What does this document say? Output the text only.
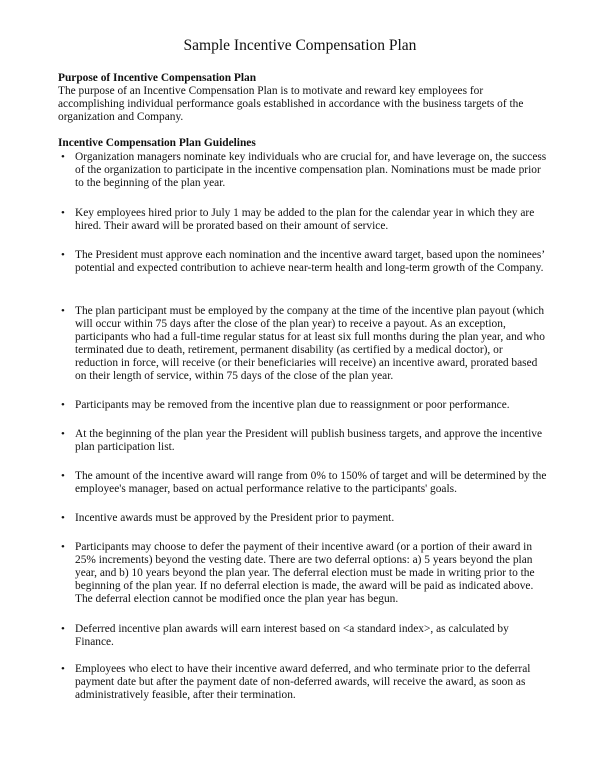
Sample Incentive Compensation Plan
Purpose of Incentive Compensation Plan
The purpose of an Incentive Compensation Plan is to motivate and reward key employees for accomplishing individual performance goals established in accordance with the business targets of the organization and Company.
Incentive Compensation Plan Guidelines
• Organization managers nominate key individuals who are crucial for, and have leverage on, the success of the organization to participate in the incentive compensation plan. Nominations must be made prior to the beginning of the plan year.
• Key employees hired prior to July 1 may be added to the plan for the calendar year in which they are hired. Their award will be prorated based on their amount of service.
• The President must approve each nomination and the incentive award target, based upon the nominees’ potential and expected contribution to achieve near-term health and long-term growth of the Company.
• The plan participant must be employed by the company at the time of the incentive plan payout (which will occur within 75 days after the close of the plan year) to receive a payout. As an exception, participants who had a full-time regular status for at least six full months during the plan year, and who terminated due to death, retirement, permanent disability (as certified by a medical doctor), or reduction in force, will receive (or their beneficiaries will receive) an incentive award, prorated based on their length of service, within 75 days of the close of the plan year.
• Participants may be removed from the incentive plan due to reassignment or poor performance.
• At the beginning of the plan year the President will publish business targets, and approve the incentive plan participation list.
• The amount of the incentive award will range from 0% to 150% of target and will be determined by the employee's manager, based on actual performance relative to the participants' goals.
• Incentive awards must be approved by the President prior to payment.
• Participants may choose to defer the payment of their incentive award (or a portion of their award in 25% increments) beyond the vesting date. There are two deferral options: a) 5 years beyond the plan year, and b) 10 years beyond the plan year. The deferral election must be made in writing prior to the beginning of the plan year. If no deferral election is made, the award will be paid as indicated above. The deferral election cannot be modified once the plan year has begun.
• Deferred incentive plan awards will earn interest based on <a standard index>, as calculated by Finance.
• Employees who elect to have their incentive award deferred, and who terminate prior to the deferral payment date but after the payment date of non-deferred awards, will receive the award, as soon as administratively feasible, after their termination.
